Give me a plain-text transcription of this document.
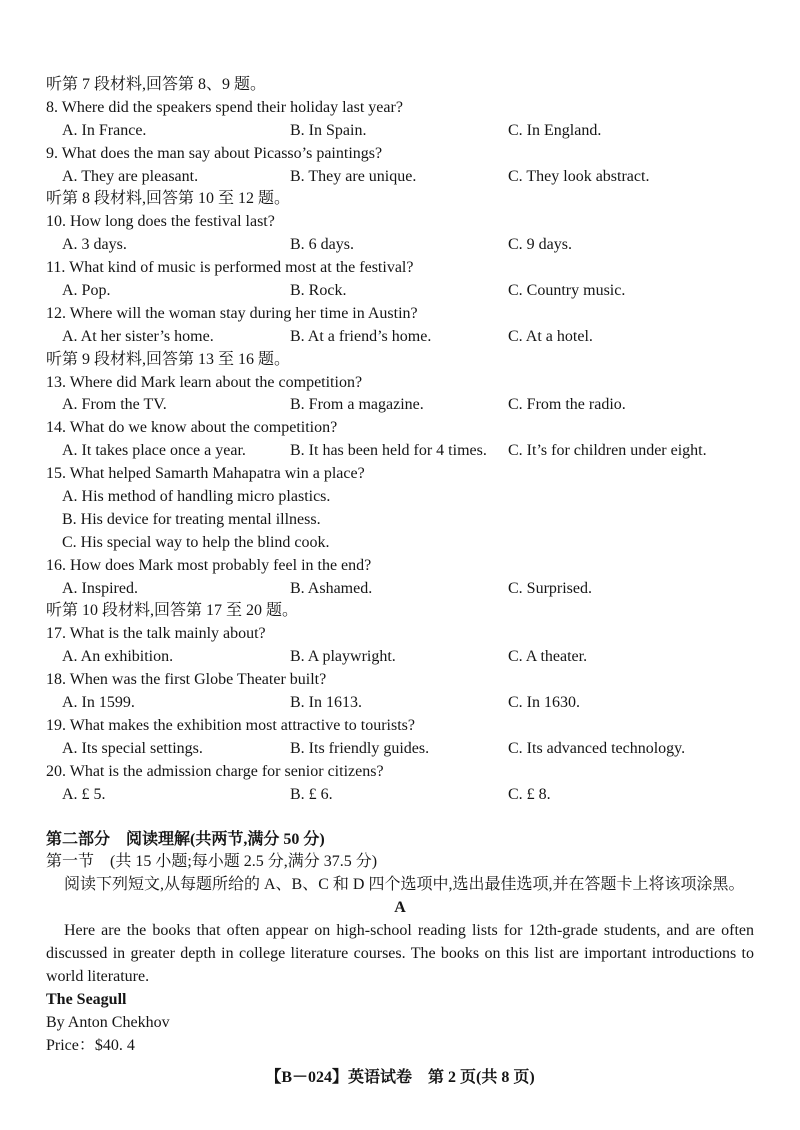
听第 7 段材料,回答第 8、9 题。
8. Where did the speakers spend their holiday last year?
A. In France.	B. In Spain.	C. In England.
9. What does the man say about Picasso’s paintings?
A. They are pleasant.	B. They are unique.	C. They look abstract.
听第 8 段材料,回答第 10 至 12 题。
10. How long does the festival last?
A. 3 days.	B. 6 days.	C. 9 days.
11. What kind of music is performed most at the festival?
A. Pop.	B. Rock.	C. Country music.
12. Where will the woman stay during her time in Austin?
A. At her sister’s home.	B. At a friend’s home.	C. At a hotel.
听第 9 段材料,回答第 13 至 16 题。
13. Where did Mark learn about the competition?
A. From the TV.	B. From a magazine.	C. From the radio.
14. What do we know about the competition?
A. It takes place once a year.	B. It has been held for 4 times. C. It’s for children under eight.
15. What helped Samarth Mahapatra win a place?
A. His method of handling micro plastics.
B. His device for treating mental illness.
C. His special way to help the blind cook.
16. How does Mark most probably feel in the end?
A. Inspired.	B. Ashamed.	C. Surprised.
听第 10 段材料,回答第 17 至 20 题。
17. What is the talk mainly about?
A. An exhibition.	B. A playwright.	C. A theater.
18. When was the first Globe Theater built?
A. In 1599.	B. In 1613.	C. In 1630.
19. What makes the exhibition most attractive to tourists?
A. Its special settings.	B. Its friendly guides.	C. Its advanced technology.
20. What is the admission charge for senior citizens?
A. £ 5.	B. £ 6.	C. £ 8.
第二部分　阅读理解(共两节,满分 50 分)
第一节　(共 15 小题;每小题 2.5 分,满分 37.5 分)
阅读下列短文,从每题所给的 A、B、C 和 D 四个选项中,选出最佳选项,并在答题卡上将该项涂黑。
A
Here are the books that often appear on high-school reading lists for 12th-grade students, and are often
discussed in greater depth in college literature courses. The books on this list are important introductions to
world literature.
The Seagull
By Anton Chekhov
Price：$40. 4
【B－024】英语试卷　第 2 页(共 8 页)
